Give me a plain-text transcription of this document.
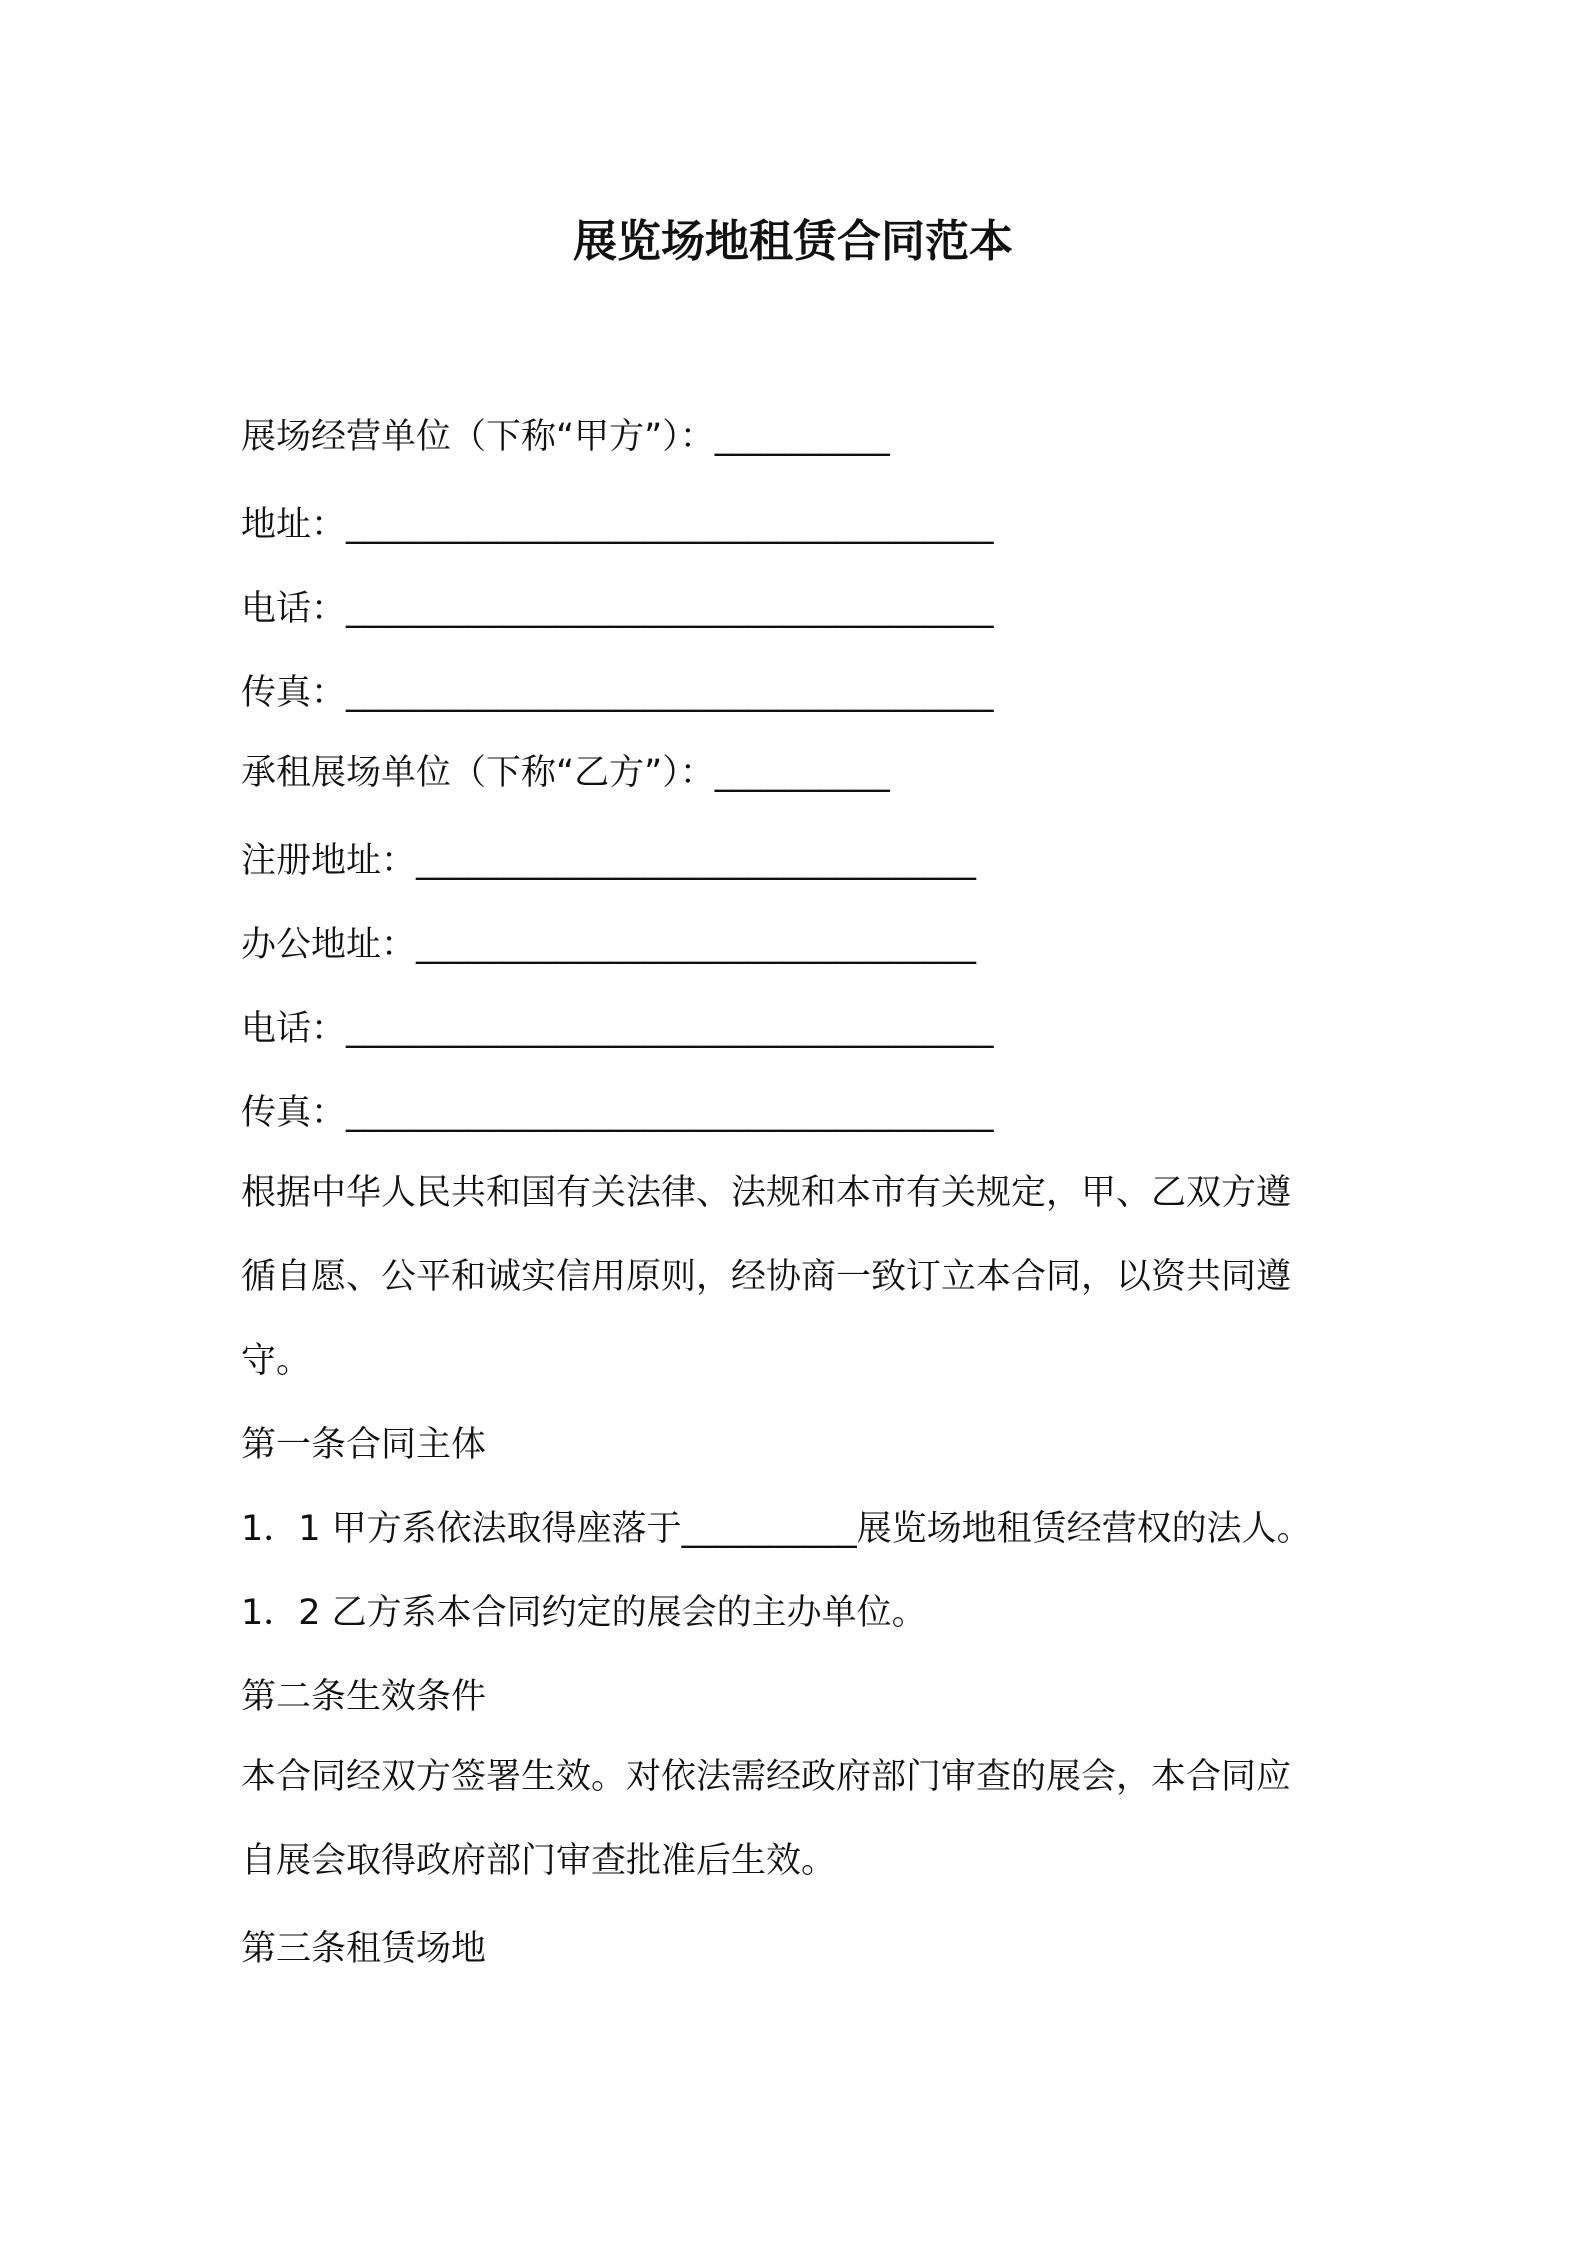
展览场地租赁合同范本
展场经营单位（下称“甲方”）：__________
地址：_____________________________________
电话：_____________________________________
传真：_____________________________________
承租展场单位（下称“乙方”）：__________
注册地址：________________________________
办公地址：________________________________
电话：_____________________________________
传真：_____________________________________
根据中华人民共和国有关法律、法规和本市有关规定，甲、乙双方遵
循自愿、公平和诚实信用原则，经协商一致订立本合同，以资共同遵
守。
第一条合同主体
1．1 甲方系依法取得座落于__________展览场地租赁经营权的法人。
1．2 乙方系本合同约定的展会的主办单位。
第二条生效条件
本合同经双方签署生效。对依法需经政府部门审查的展会，本合同应
自展会取得政府部门审查批准后生效。
第三条租赁场地
